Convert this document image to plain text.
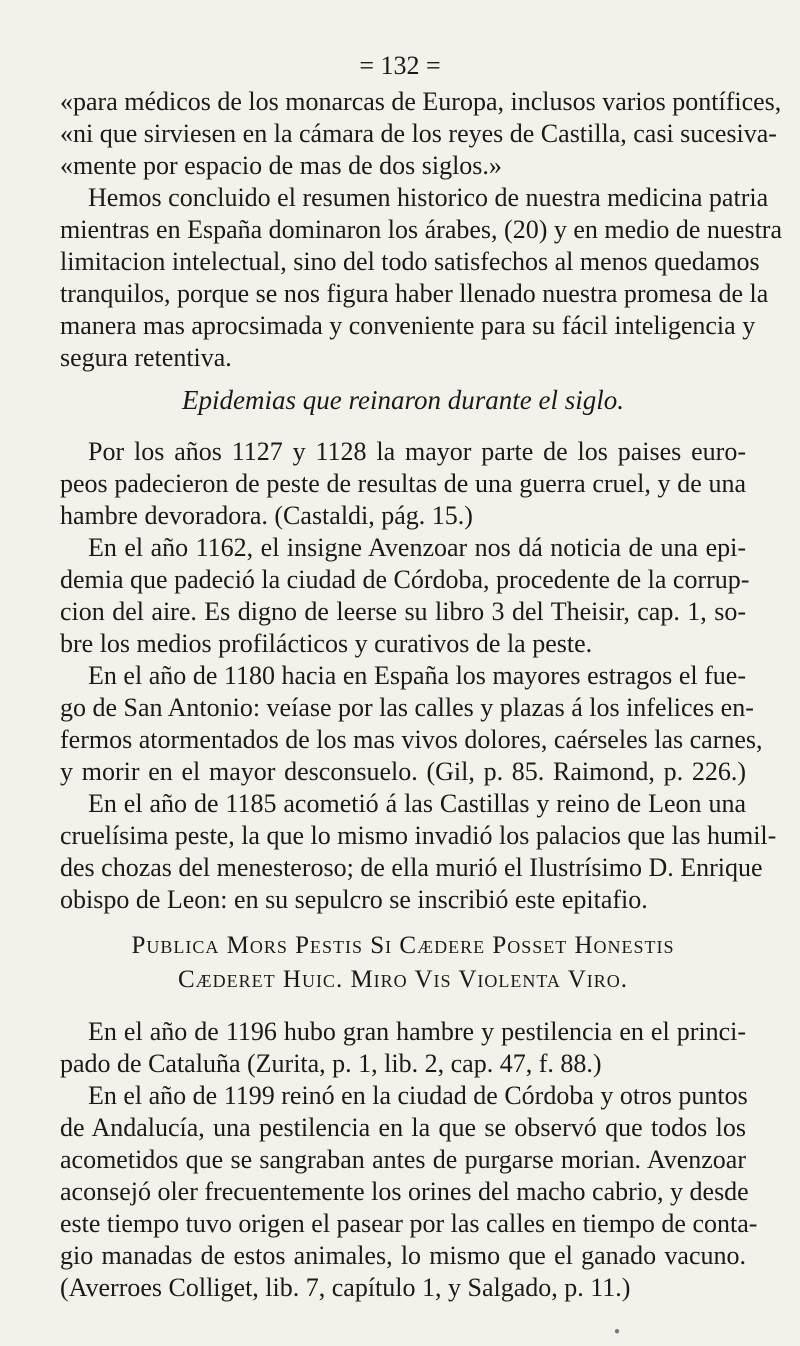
= 132 =
«para médicos de los monarcas de Europa, inclusos varios pontífices,
«ni que sirviesen en la cámara de los reyes de Castilla, casi sucesiva-
«mente por espacio de mas de dos siglos.»
Hemos concluido el resumen historico de nuestra medicina patria
mientras en España dominaron los árabes, (20) y en medio de nuestra
limitacion intelectual, sino del todo satisfechos al menos quedamos
tranquilos, porque se nos figura haber llenado nuestra promesa de la
manera mas aprocsimada y conveniente para su fácil inteligencia y
segura retentiva.
Epidemias que reinaron durante el siglo.
Por los años 1127 y 1128 la mayor parte de los paises euro-
peos padecieron de peste de resultas de una guerra cruel, y de una
hambre devoradora. (Castaldi, pág. 15.)
En el año 1162, el insigne Avenzoar nos dá noticia de una epi-
demia que padeció la ciudad de Córdoba, procedente de la corrup-
cion del aire. Es digno de leerse su libro 3 del Theisir, cap. 1, so-
bre los medios profilácticos y curativos de la peste.
En el año de 1180 hacia en España los mayores estragos el fue-
go de San Antonio: veíase por las calles y plazas á los infelices en-
fermos atormentados de los mas vivos dolores, caérseles las carnes,
y morir en el mayor desconsuelo. (Gil, p. 85. Raimond, p. 226.)
En el año de 1185 acometió á las Castillas y reino de Leon una
cruelísima peste, la que lo mismo invadió los palacios que las humil-
des chozas del menesteroso; de ella murió el Ilustrísimo D. Enrique
obispo de Leon: en su sepulcro se inscribió este epitafio.
Publica Mors Pestis Si Cædere Posset Honestis
Cæderet Huic. Miro Vis Violenta Viro.
En el año de 1196 hubo gran hambre y pestilencia en el princi-
pado de Cataluña (Zurita, p. 1, lib. 2, cap. 47, f. 88.)
En el año de 1199 reinó en la ciudad de Córdoba y otros puntos
de Andalucía, una pestilencia en la que se observó que todos los
acometidos que se sangraban antes de purgarse morian. Avenzoar
aconsejó oler frecuentemente los orines del macho cabrio, y desde
este tiempo tuvo origen el pasear por las calles en tiempo de conta-
gio manadas de estos animales, lo mismo que el ganado vacuno.
(Averroes Colliget, lib. 7, capítulo 1, y Salgado, p. 11.)
●
